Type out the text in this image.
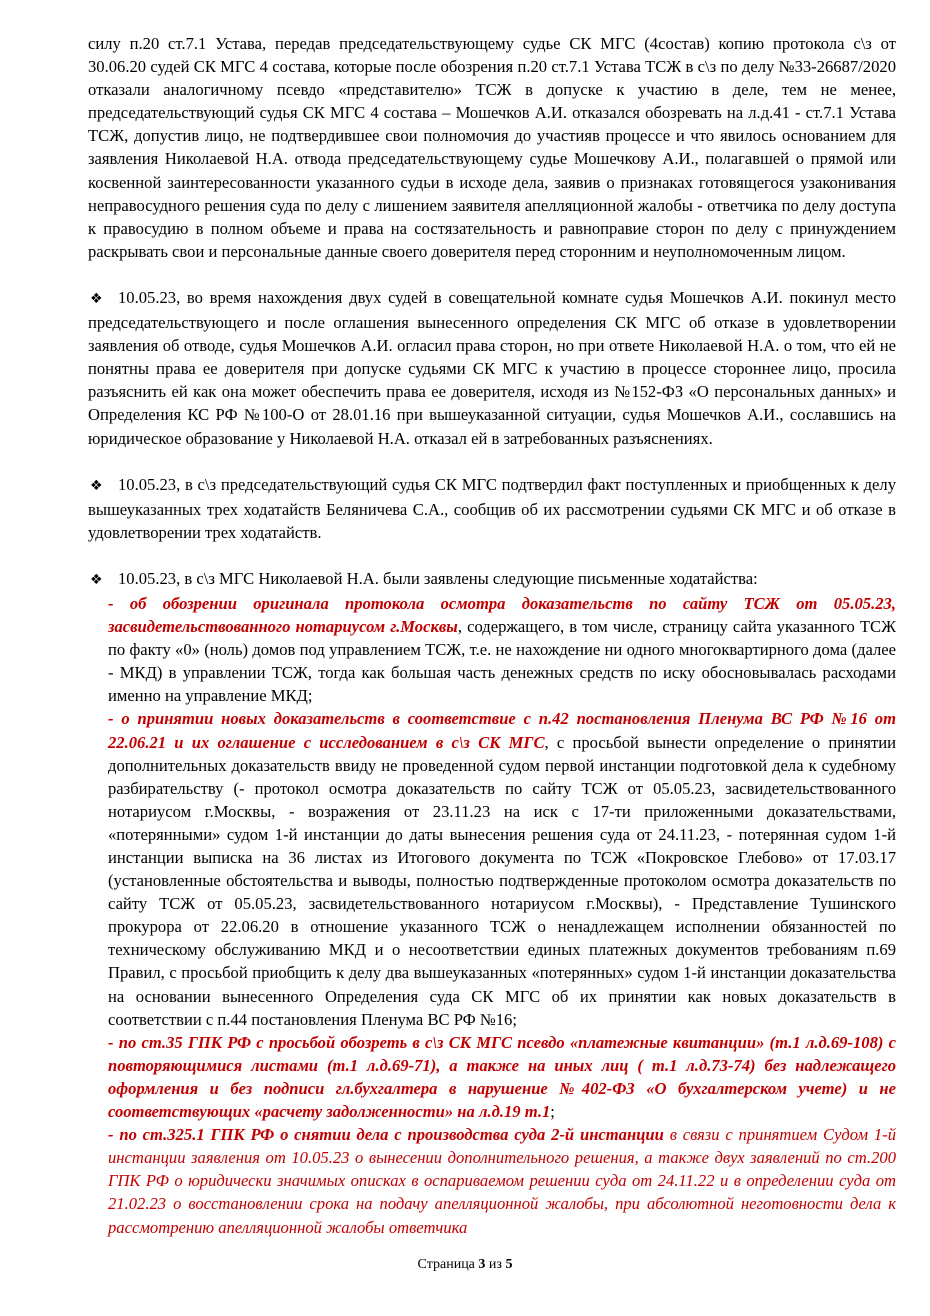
силу п.20 ст.7.1 Устава, передав председательствующему судье СК МГС (4состав) копию протокола с\з от 30.06.20 судей СК МГС 4 состава, которые после обозрения п.20 ст.7.1 Устава ТСЖ в с\з по делу №33-26687/2020 отказали аналогичному псевдо «представителю» ТСЖ в допуске к участию в деле, тем не менее, председательствующий судья СК МГС 4 состава – Мошечков А.И. отказался обозревать на л.д.41 - ст.7.1 Устава ТСЖ, допустив лицо, не подтвердившее свои полномочия до участияв процессе и что явилось основанием для заявления Николаевой Н.А. отвода председательствующему судье Мошечкову А.И., полагавшей о прямой или косвенной заинтересованности указанного судьи в исходе дела, заявив о признаках готовящегося узаконивания неправосудного решения суда по делу с лишением заявителя апелляционной жалобы - ответчика по делу доступа к правосудию в полном объеме и права на состязательность и равноправие сторон по делу с принуждением раскрывать свои и персональные данные своего доверителя перед сторонним и неуполномоченным лицом.

❖ 10.05.23, во время нахождения двух судей в совещательной комнате судья Мошечков А.И. покинул место председательствующего и после оглашения вынесенного определения СК МГС об отказе в удовлетворении заявления об отводе, судья Мошечков А.И. огласил права сторон, но при ответе Николаевой Н.А. о том, что ей не понятны права ее доверителя при допуске судьями СК МГС к участию в процессе стороннее лицо, просила разъяснить ей как она может обеспечить права ее доверителя, исходя из №152-ФЗ «О персональных данных» и Определения КС РФ №100-О от 28.01.16 при вышеуказанной ситуации, судья Мошечков А.И., сославшись на юридическое образование у Николаевой Н.А. отказал ей в затребованных разъяснениях.

❖ 10.05.23, в с\з председательствующий судья СК МГС подтвердил факт поступленных и приобщенных к делу вышеуказанных трех ходатайств Беляничева С.А., сообщив об их рассмотрении судьями СК МГС и об отказе в удовлетворении трех ходатайств.

❖ 10.05.23, в с\з МГС Николаевой Н.А. были заявлены следующие письменные ходатайства:

- об обозрении оригинала протокола осмотра доказательств по сайту ТСЖ от 05.05.23, засвидетельствованного нотариусом г.Москвы, содержащего, в том числе, страницу сайта указанного ТСЖ по факту «0» (ноль) домов под управлением ТСЖ, т.е. не нахождение ни одного многоквартирного дома (далее - МКД) в управлении ТСЖ, тогда как большая часть денежных средств по иску обосновывалась расходами именно на управление МКД;

- о принятии новых доказательств в соответствие с п.42 постановления Пленума ВС РФ №16 от 22.06.21 и их оглашение с исследованием в с\з СК МГС, с просьбой вынести определение о принятии дополнительных доказательств ввиду не проведенной судом первой инстанции подготовкой дела к судебному разбирательству (- протокол осмотра доказательств по сайту ТСЖ от 05.05.23, засвидетельствованного нотариусом г.Москвы, - возражения от 23.11.23 на иск с 17-ти приложенными доказательствами, «потерянными» судом 1-й инстанции до даты вынесения решения суда от 24.11.23, - потерянная судом 1-й инстанции выписка на 36 листах из Итогового документа по ТСЖ «Покровское Глебово» от 17.03.17 (установленные обстоятельства и выводы, полностью подтвержденные протоколом осмотра доказательств по сайту ТСЖ от 05.05.23, засвидетельствованного нотариусом г.Москвы), - Представление Тушинского прокурора от 22.06.20 в отношение указанного ТСЖ о ненадлежащем исполнении обязанностей по техническому обслуживанию МКД и о несоответствии единых платежных документов требованиям п.69 Правил, с просьбой приобщить к делу два вышеуказанных «потерянных» судом 1-й инстанции доказательства на основании вынесенного Определения суда СК МГС об их принятии как новых доказательств в соответствии с п.44 постановления Пленума ВС РФ №16;

- по ст.35 ГПК РФ с просьбой обозреть в с\з СК МГС псевдо «платежные квитанции» (т.1 л.д.69-108) с повторяющимися листами (т.1 л.д.69-71), а также на иных лиц ( т.1 л.д.73-74) без надлежащего оформления и без подписи гл.бухгалтера в нарушение №402-ФЗ «О бухгалтерском учете) и не соответствующих «расчету задолженности» на л.д.19 т.1;

- по ст.325.1 ГПК РФ о снятии дела с производства суда 2-й инстанции в связи с принятием Судом 1-й инстанции заявления от 10.05.23 о вынесении дополнительного решения, а также двух заявлений по ст.200 ГПК РФ о юридически значимых описках в оспариваемом решении суда от 24.11.22 и в определении суда от 21.02.23 о восстановлении срока на подачу апелляционной жалобы, при абсолютной неготовности дела к рассмотрению апелляционной жалобы ответчика

Страница 3 из 5
